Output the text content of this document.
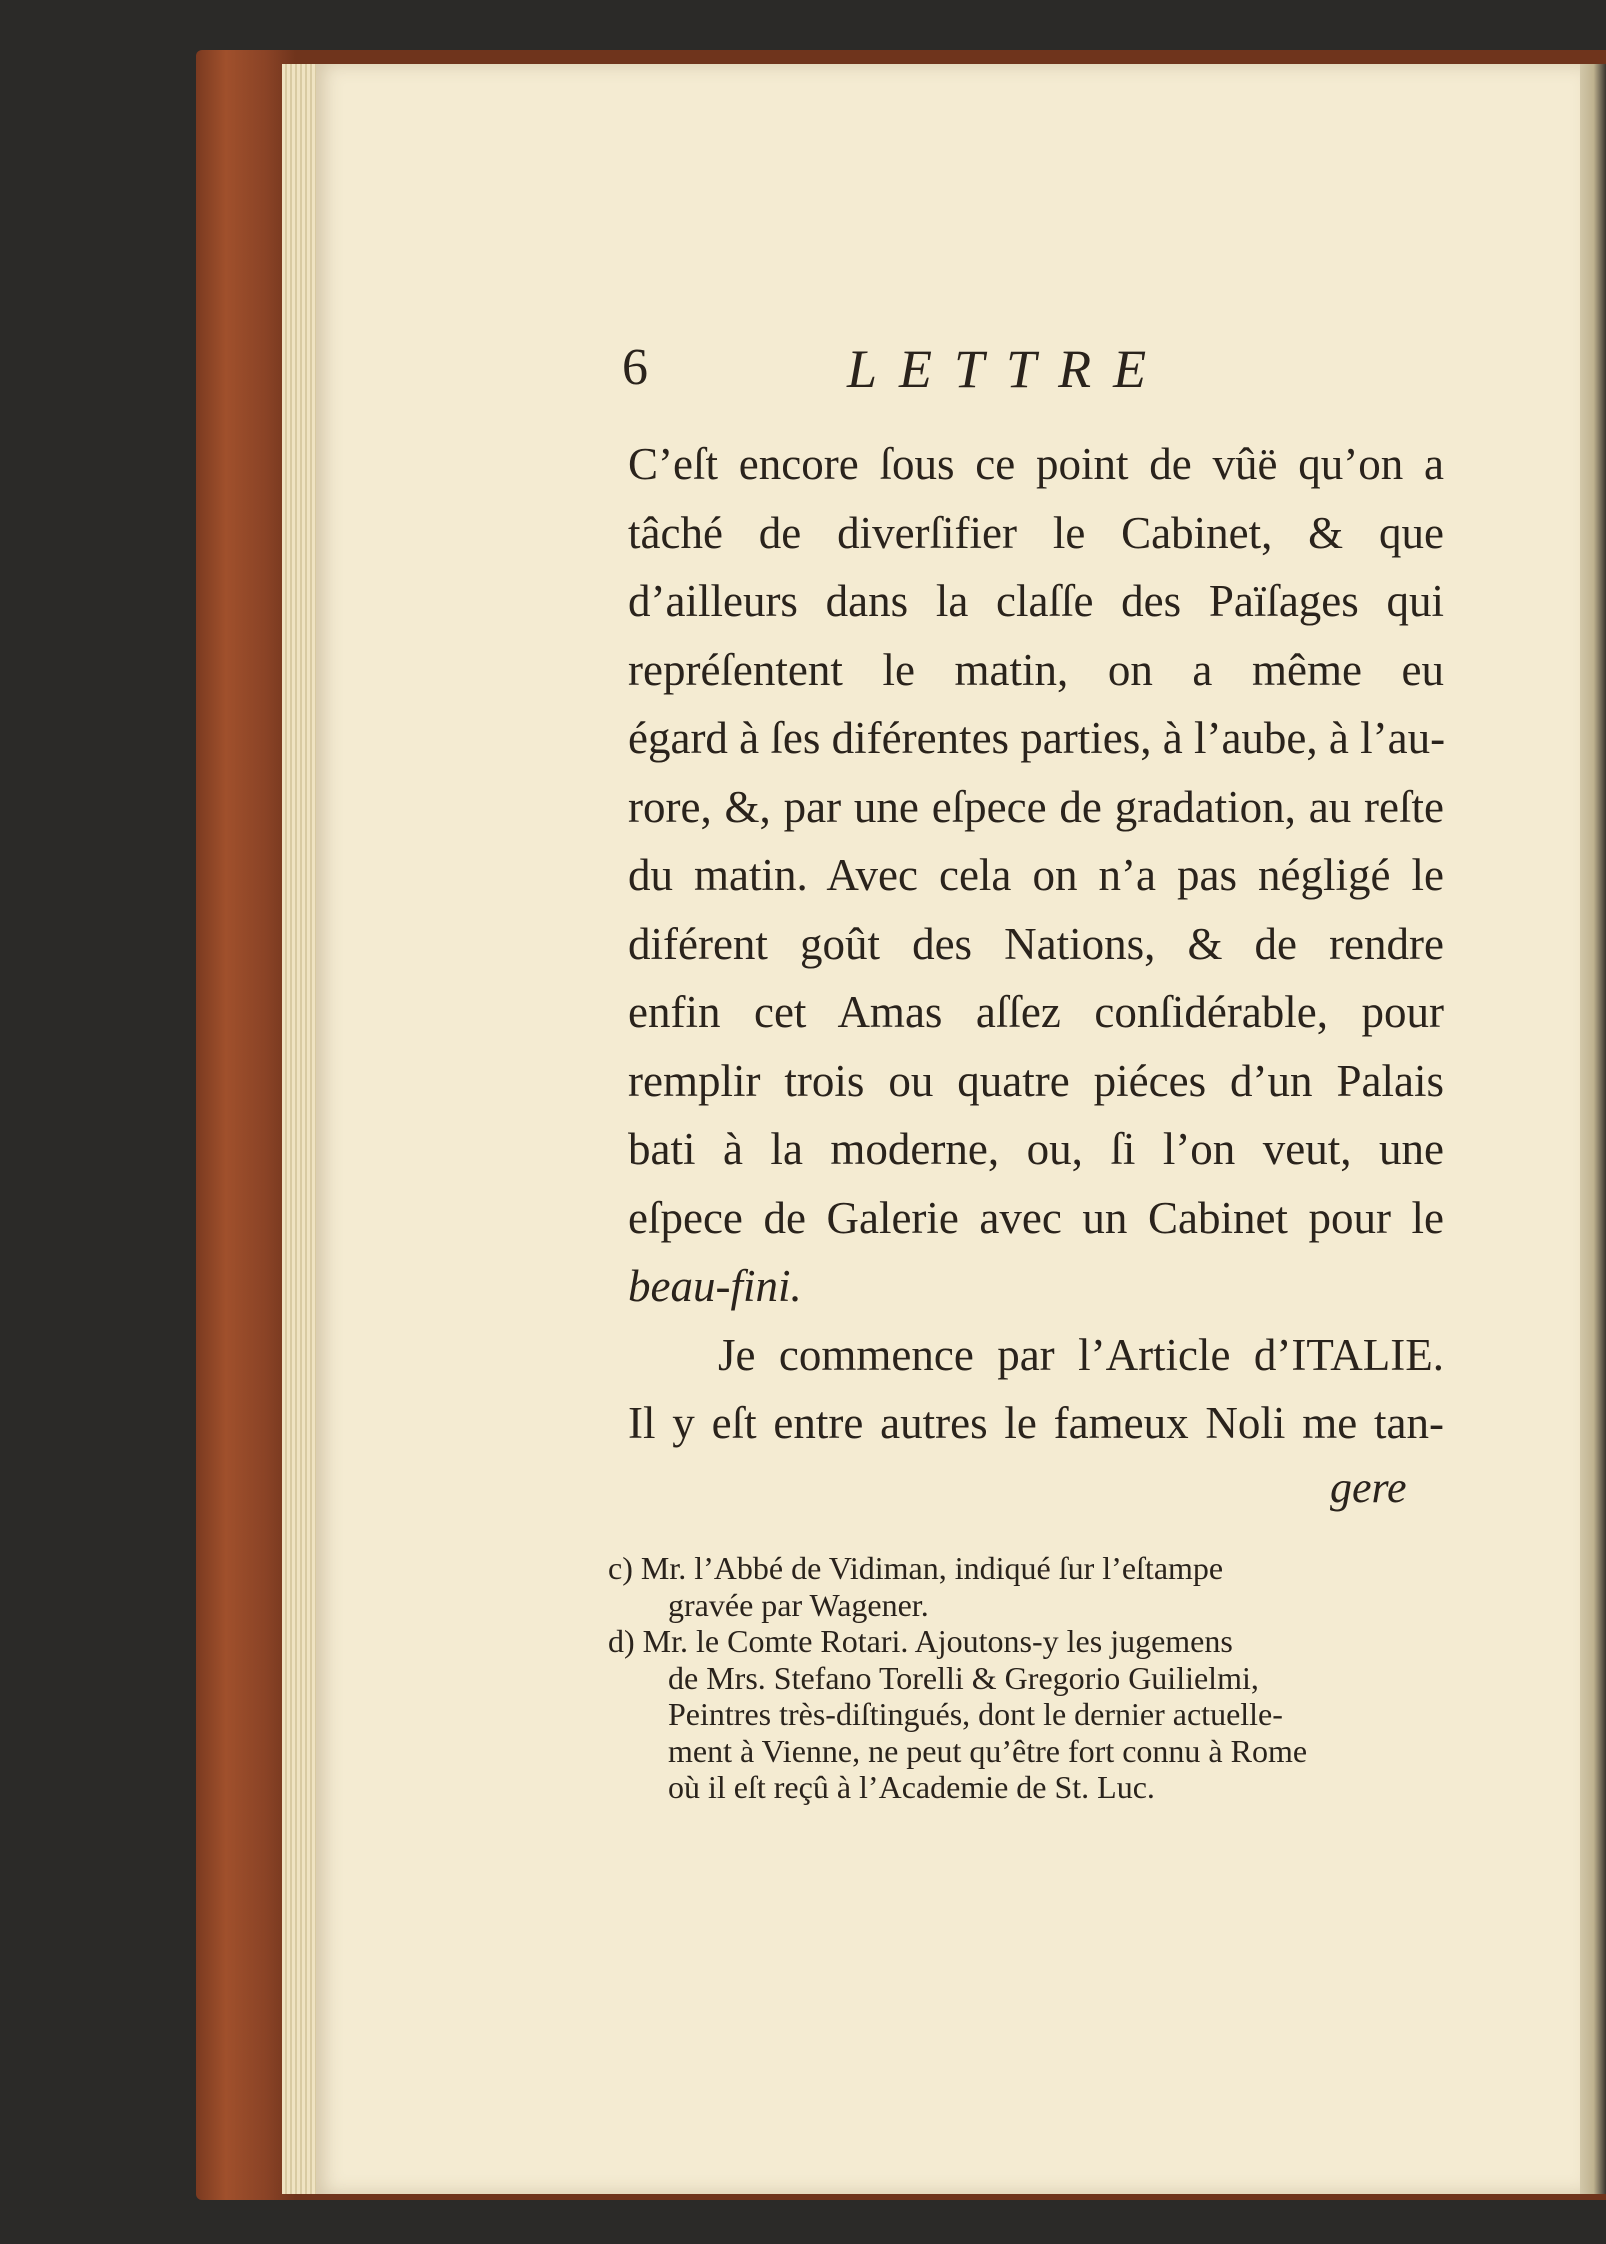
6	LETTRE
C’eſt encore ſous ce point de vûë qu’on a
tâché de diverſifier le Cabinet, & que
d’ailleurs dans la claſſe des Païſages qui
repréſentent le matin, on a même eu
égard à ſes diférentes parties, à l’aube, à l’au-
rore, &, par une eſpece de gradation, au reſte
du matin. Avec cela on n’a pas négligé le
diférent goût des Nations, & de rendre
enfin cet Amas aſſez conſidérable, pour
remplir trois ou quatre piéces d’un Palais
bati à la moderne, ou, ſi l’on veut, une
eſpece de Galerie avec un Cabinet pour le
beau-fini.
Je commence par l’Article d’ITALIE.
Il y eſt entre autres le fameux Noli me tan-
gere
c) Mr. l’Abbé de Vidiman, indiqué ſur l’eſtampe
gravée par Wagener.
d) Mr. le Comte Rotari. Ajoutons-y les jugemens
de Mrs. Stefano Torelli & Gregorio Guilielmi,
Peintres très-diſtingués, dont le dernier actuelle-
ment à Vienne, ne peut qu’être fort connu à Rome
où il eſt reçû à l’Academie de St. Luc.
